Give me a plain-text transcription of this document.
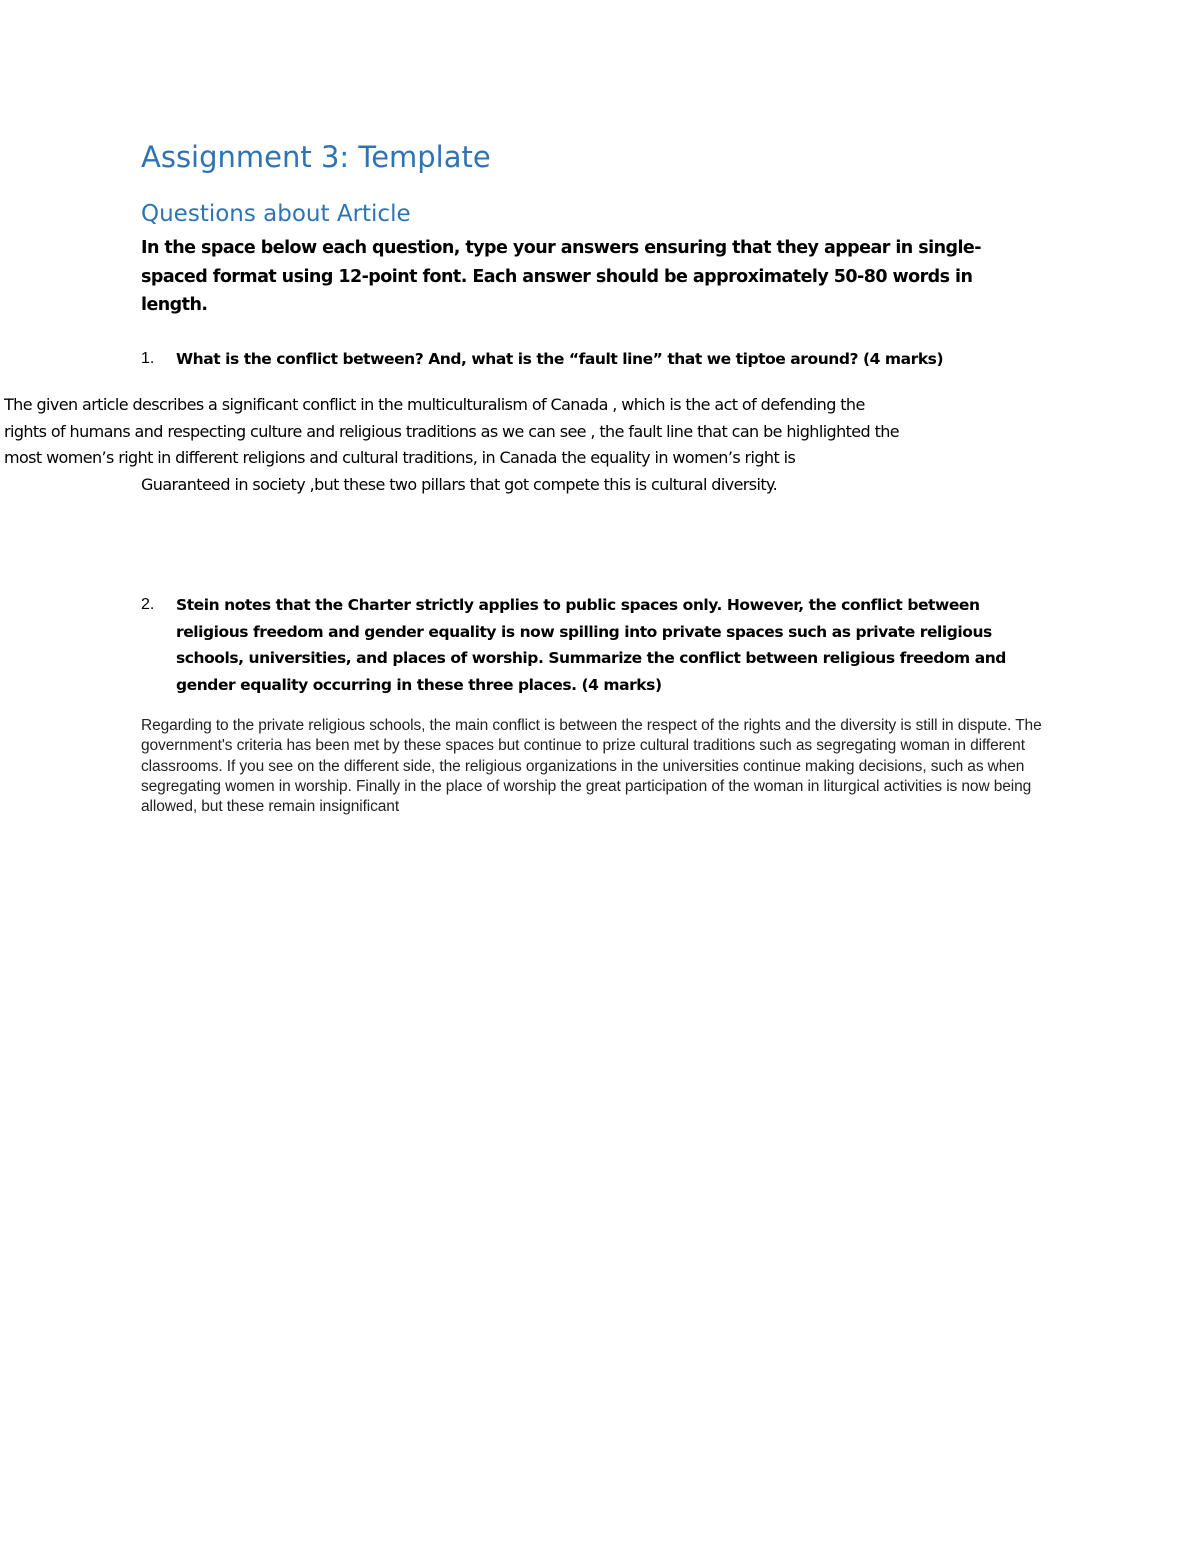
Assignment 3: Template
Questions about Article

In the space below each question, type your answers ensuring that they appear in single-spaced format using 12-point font. Each answer should be approximately 50-80 words in length.

1. What is the conflict between? And, what is the “fault line” that we tiptoe around? (4 marks)
The given article describes a significant conflict in the multiculturalism of Canada , which is the act of defending the
rights of humans and respecting culture and religious traditions as we can see , the fault line that can be highlighted the
most women’s right in different religions and cultural traditions, in Canada the equality in women’s right is
Guaranteed in society ,but these two pillars that got compete this is cultural diversity.
2. Stein notes that the Charter strictly applies to public spaces only. However, the conflict between religious freedom and gender equality is now spilling into private spaces such as private religious schools, universities, and places of worship. Summarize the conflict between religious freedom and gender equality occurring in these three places. (4 marks)

Regarding to the private religious schools, the main conflict is between the respect of the rights and the diversity is still in dispute. The government's criteria has been met by these spaces but continue to prize cultural traditions such as segregating woman in different classrooms. If you see on the different side, the religious organizations in the universities continue making decisions, such as when segregating women in worship. Finally in the place of worship the great participation of the woman in liturgical activities is now being allowed, but these remain insignificant
